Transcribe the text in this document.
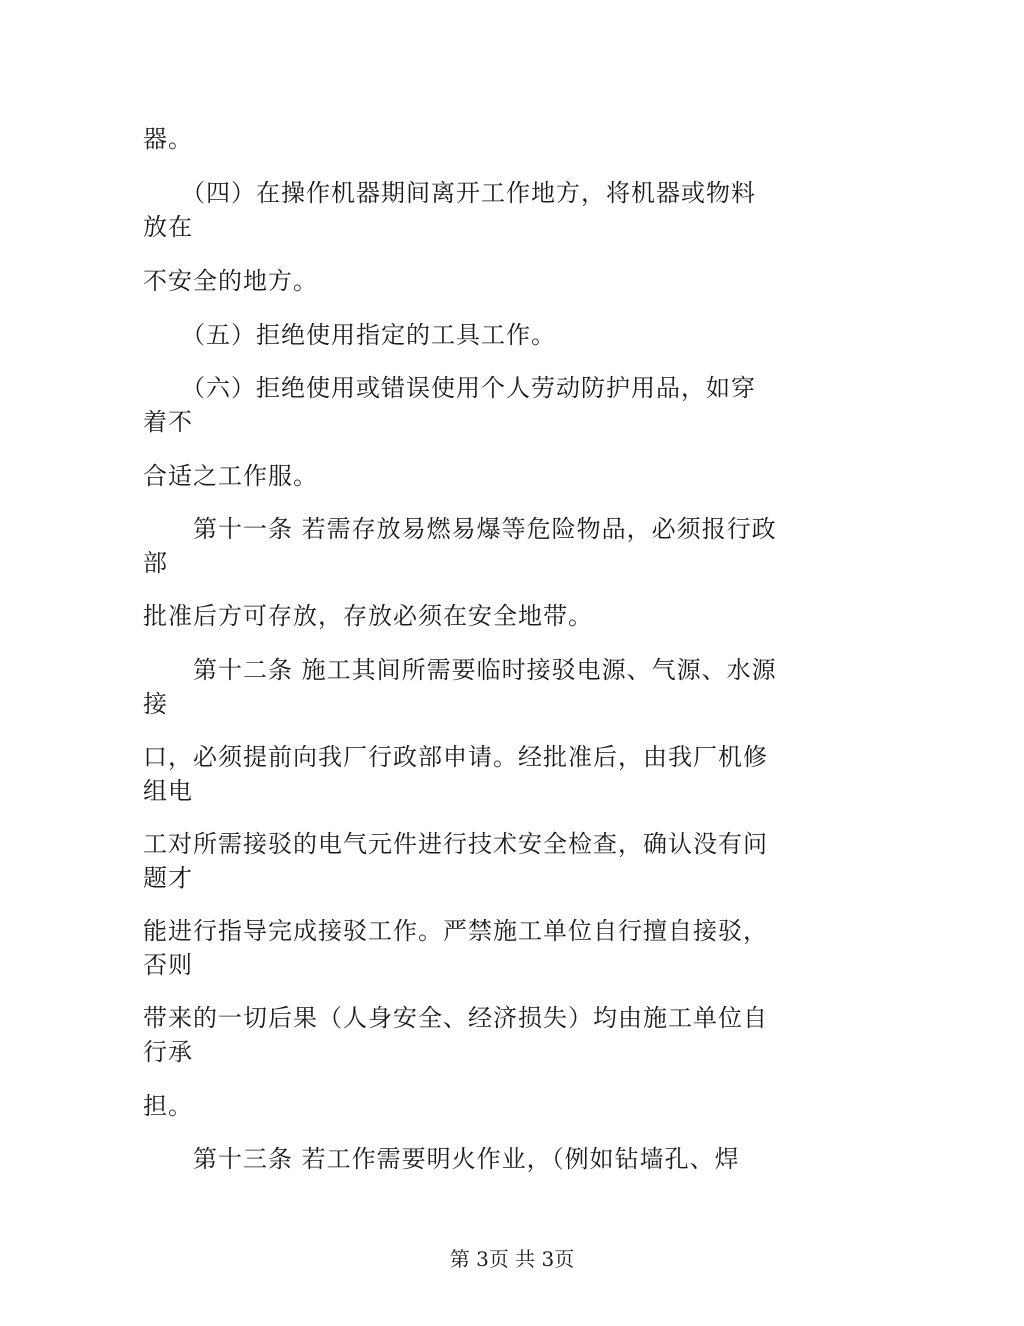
器。
　　（四）在操作机器期间离开工作地方，将机器或物料
放在
不安全的地方。
　　（五）拒绝使用指定的工具工作。
　　（六）拒绝使用或错误使用个人劳动防护用品，如穿
着不
合适之工作服。
　　第十一条 若需存放易燃易爆等危险物品，必须报行政
部
批准后方可存放，存放必须在安全地带。
　　第十二条 施工其间所需要临时接驳电源、气源、水源
接
口，必须提前向我厂行政部申请。经批准后，由我厂机修
组电
工对所需接驳的电气元件进行技术安全检查，确认没有问
题才
能进行指导完成接驳工作。严禁施工单位自行擅自接驳，
否则
带来的一切后果（人身安全、经济损失）均由施工单位自
行承
担。
　　第十三条 若工作需要明火作业，（例如钻墙孔、焊
第 3页 共 3页
